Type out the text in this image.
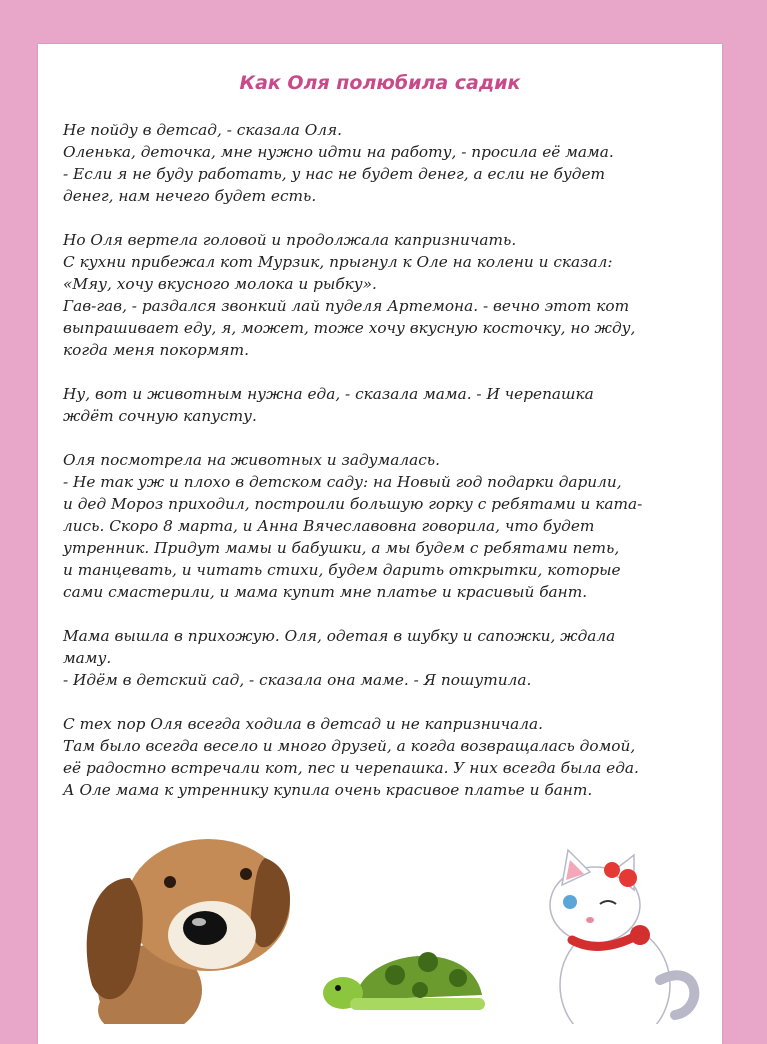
Как Оля полюбила садик
Не пойду в детсад, - сказала Оля.
Оленька, деточка, мне нужно идти на работу, - просила её мама.
- Если я не буду работать, у нас не будет денег, а если не будет
денег, нам нечего будет есть.
Но Оля вертела головой и продолжала капризничать.
С кухни прибежал кот Мурзик, прыгнул к Оле на колени и сказал:
«Мяу, хочу вкусного молока и рыбку».
Гав-гав, - раздался звонкий лай пуделя Артемона. - вечно этот кот
выпрашивает еду, я, может, тоже хочу вкусную косточку, но жду,
когда меня покормят.
Ну, вот и животным нужна еда, - сказала мама. - И черепашка
ждёт сочную капусту.
Оля посмотрела на животных и задумалась.
- Не так уж и плохо в детском саду: на Новый год подарки дарили,
и дед Мороз приходил, построили большую горку с ребятами и ката-
лись. Скоро 8 марта, и Анна Вячеславовна говорила, что будет
утренник. Придут мамы и бабушки, а мы будем с ребятами петь,
и танцевать, и читать стихи, будем дарить открытки, которые
сами смастерили, и мама купит мне платье и красивый бант.
Мама вышла в прихожую. Оля, одетая в шубку и сапожки, ждала
маму.
- Идём в детский сад, - сказала она маме. - Я пошутила.
С тех пор Оля всегда ходила в детсад и не капризничала.
Там было всегда весело и много друзей, а когда возвращалась домой,
её радостно встречали кот, пес и черепашка. У них всегда была еда.
А Оле мама к утреннику купила очень красивое платье и бант.
